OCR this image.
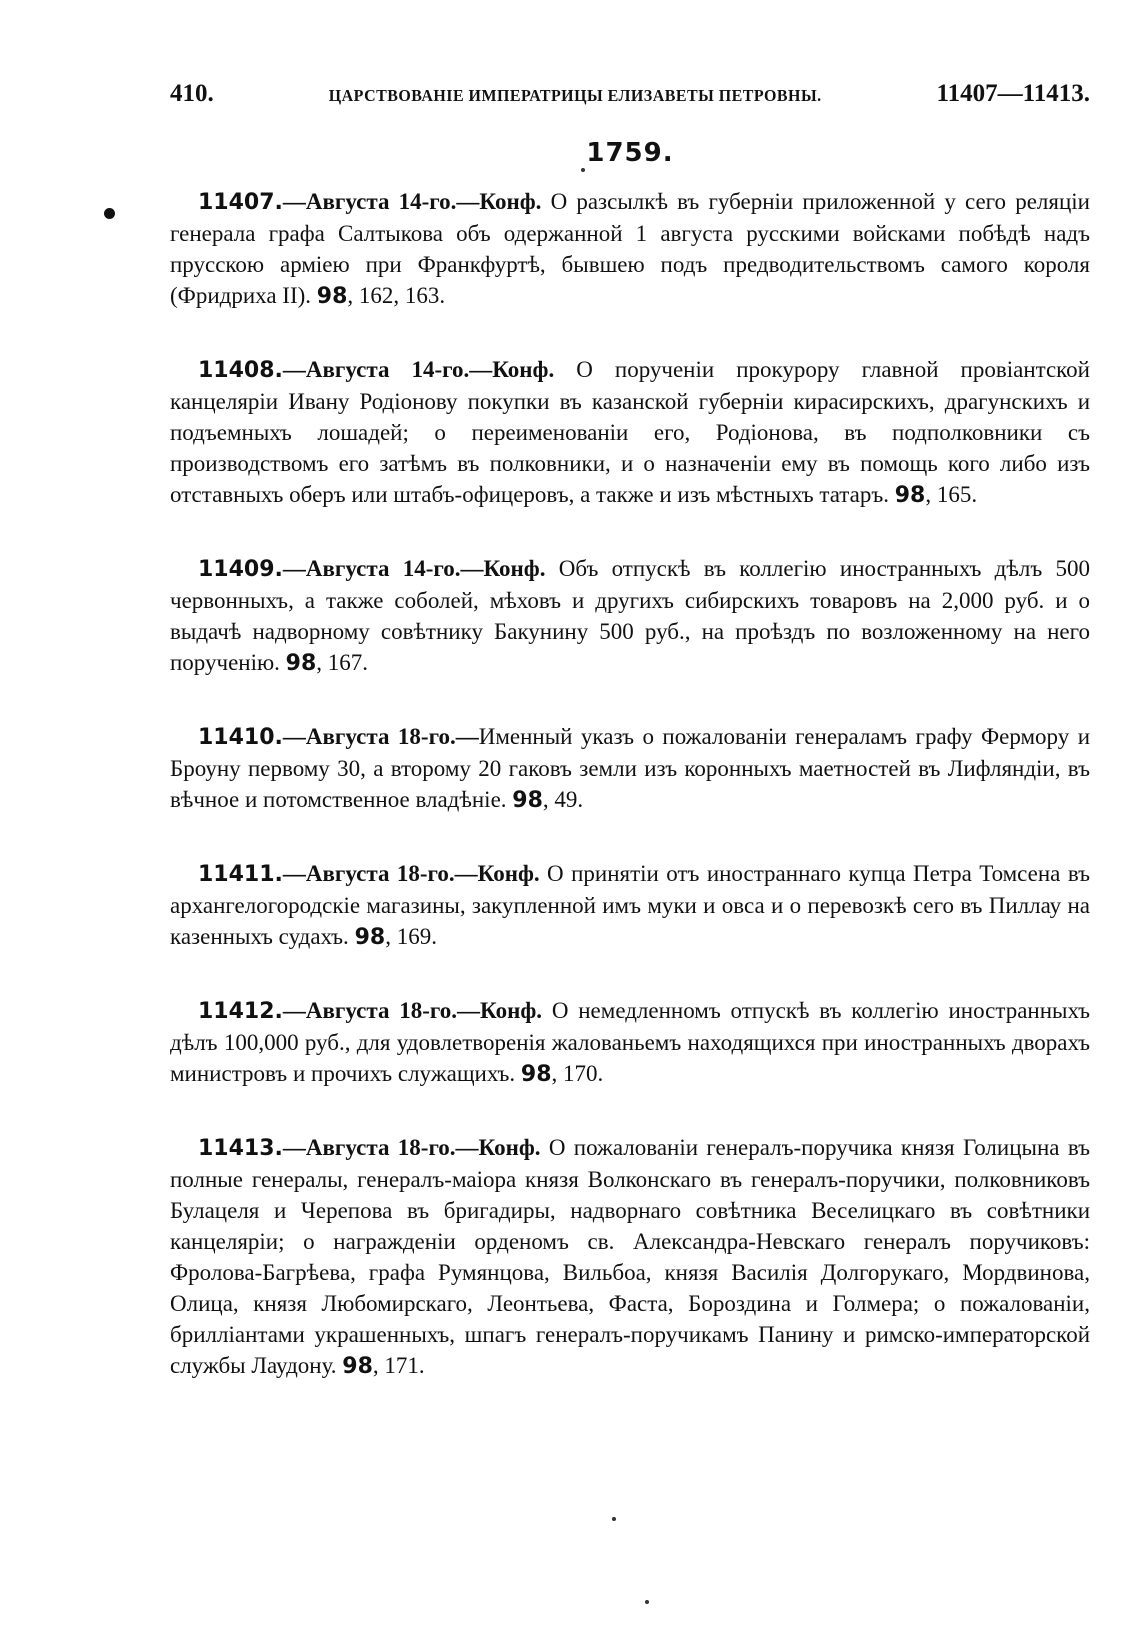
410.	ЦАРСТВОВАНІЕ ИМПЕРАТРИЦЫ ЕЛИЗАВЕТЫ ПЕТРОВНЫ.	11407—11413.
1759.

11407.—Августа 14-го.—Конф. О разсылкѣ въ губерніи приложенной у сего реляціи генерала графа Салтыкова объ одержанной 1 августа русскими войсками побѣдѣ надъ прусскою арміею при Франкфуртѣ, бывшею подъ предводительствомъ самого короля (Фридриха II). 98, 162, 163.

11408.—Августа 14-го.—Конф. О порученіи прокурору главной провіантской канцеляріи Ивану Родіонову покупки въ казанской губерніи кирасирскихъ, драгунскихъ и подъемныхъ лошадей; о переименованіи его, Родіонова, въ подполковники съ производствомъ его затѣмъ въ полковники, и о назначеніи ему въ помощь кого либо изъ отставныхъ оберъ или штабъ-офицеровъ, а также и изъ мѣстныхъ татаръ. 98, 165.

11409.—Августа 14-го.—Конф. Объ отпускѣ въ коллегію иностранныхъ дѣлъ 500 червонныхъ, а также соболей, мѣховъ и другихъ сибирскихъ товаровъ на 2,000 руб. и о выдачѣ надворному совѣтнику Бакунину 500 руб., на проѣздъ по возложенному на него порученію. 98, 167.

11410.—Августа 18-го.—Именный указъ о пожалованіи генераламъ графу Фермору и Броуну первому 30, а второму 20 гаковъ земли изъ коронныхъ маетностей въ Лифляндіи, въ вѣчное и потомственное владѣніе. 98, 49.

11411.—Августа 18-го.—Конф. О принятіи отъ иностраннаго купца Петра Томсена въ архангелогородскіе магазины, закупленной имъ муки и овса и о перевозкѣ сего въ Пиллау на казенныхъ судахъ. 98, 169.

11412.—Августа 18-го.—Конф. О немедленномъ отпускѣ въ коллегію иностранныхъ дѣлъ 100,000 руб., для удовлетворенія жалованьемъ находящихся при иностранныхъ дворахъ министровъ и прочихъ служащихъ. 98, 170.

11413.—Августа 18-го.—Конф. О пожалованіи генералъ-поручика князя Голицына въ полные генералы, генералъ-маіора князя Волконскаго въ генералъ-поручики, полковниковъ Булацеля и Черепова въ бригадиры, надворнаго совѣтника Веселицкаго въ совѣтники канцеляріи; о награжденіи орденомъ св. Александра-Невскаго генералъ поручиковъ: Фролова-Багрѣева, графа Румянцова, Вильбоа, князя Василія Долгорукаго, Мордвинова, Олица, князя Любомирскаго, Леонтьева, Фаста, Бороздина и Голмера; о пожалованіи, брилліантами украшенныхъ, шпагъ генералъ-поручикамъ Панину и римско-императорской службы Лаудону. 98, 171.
